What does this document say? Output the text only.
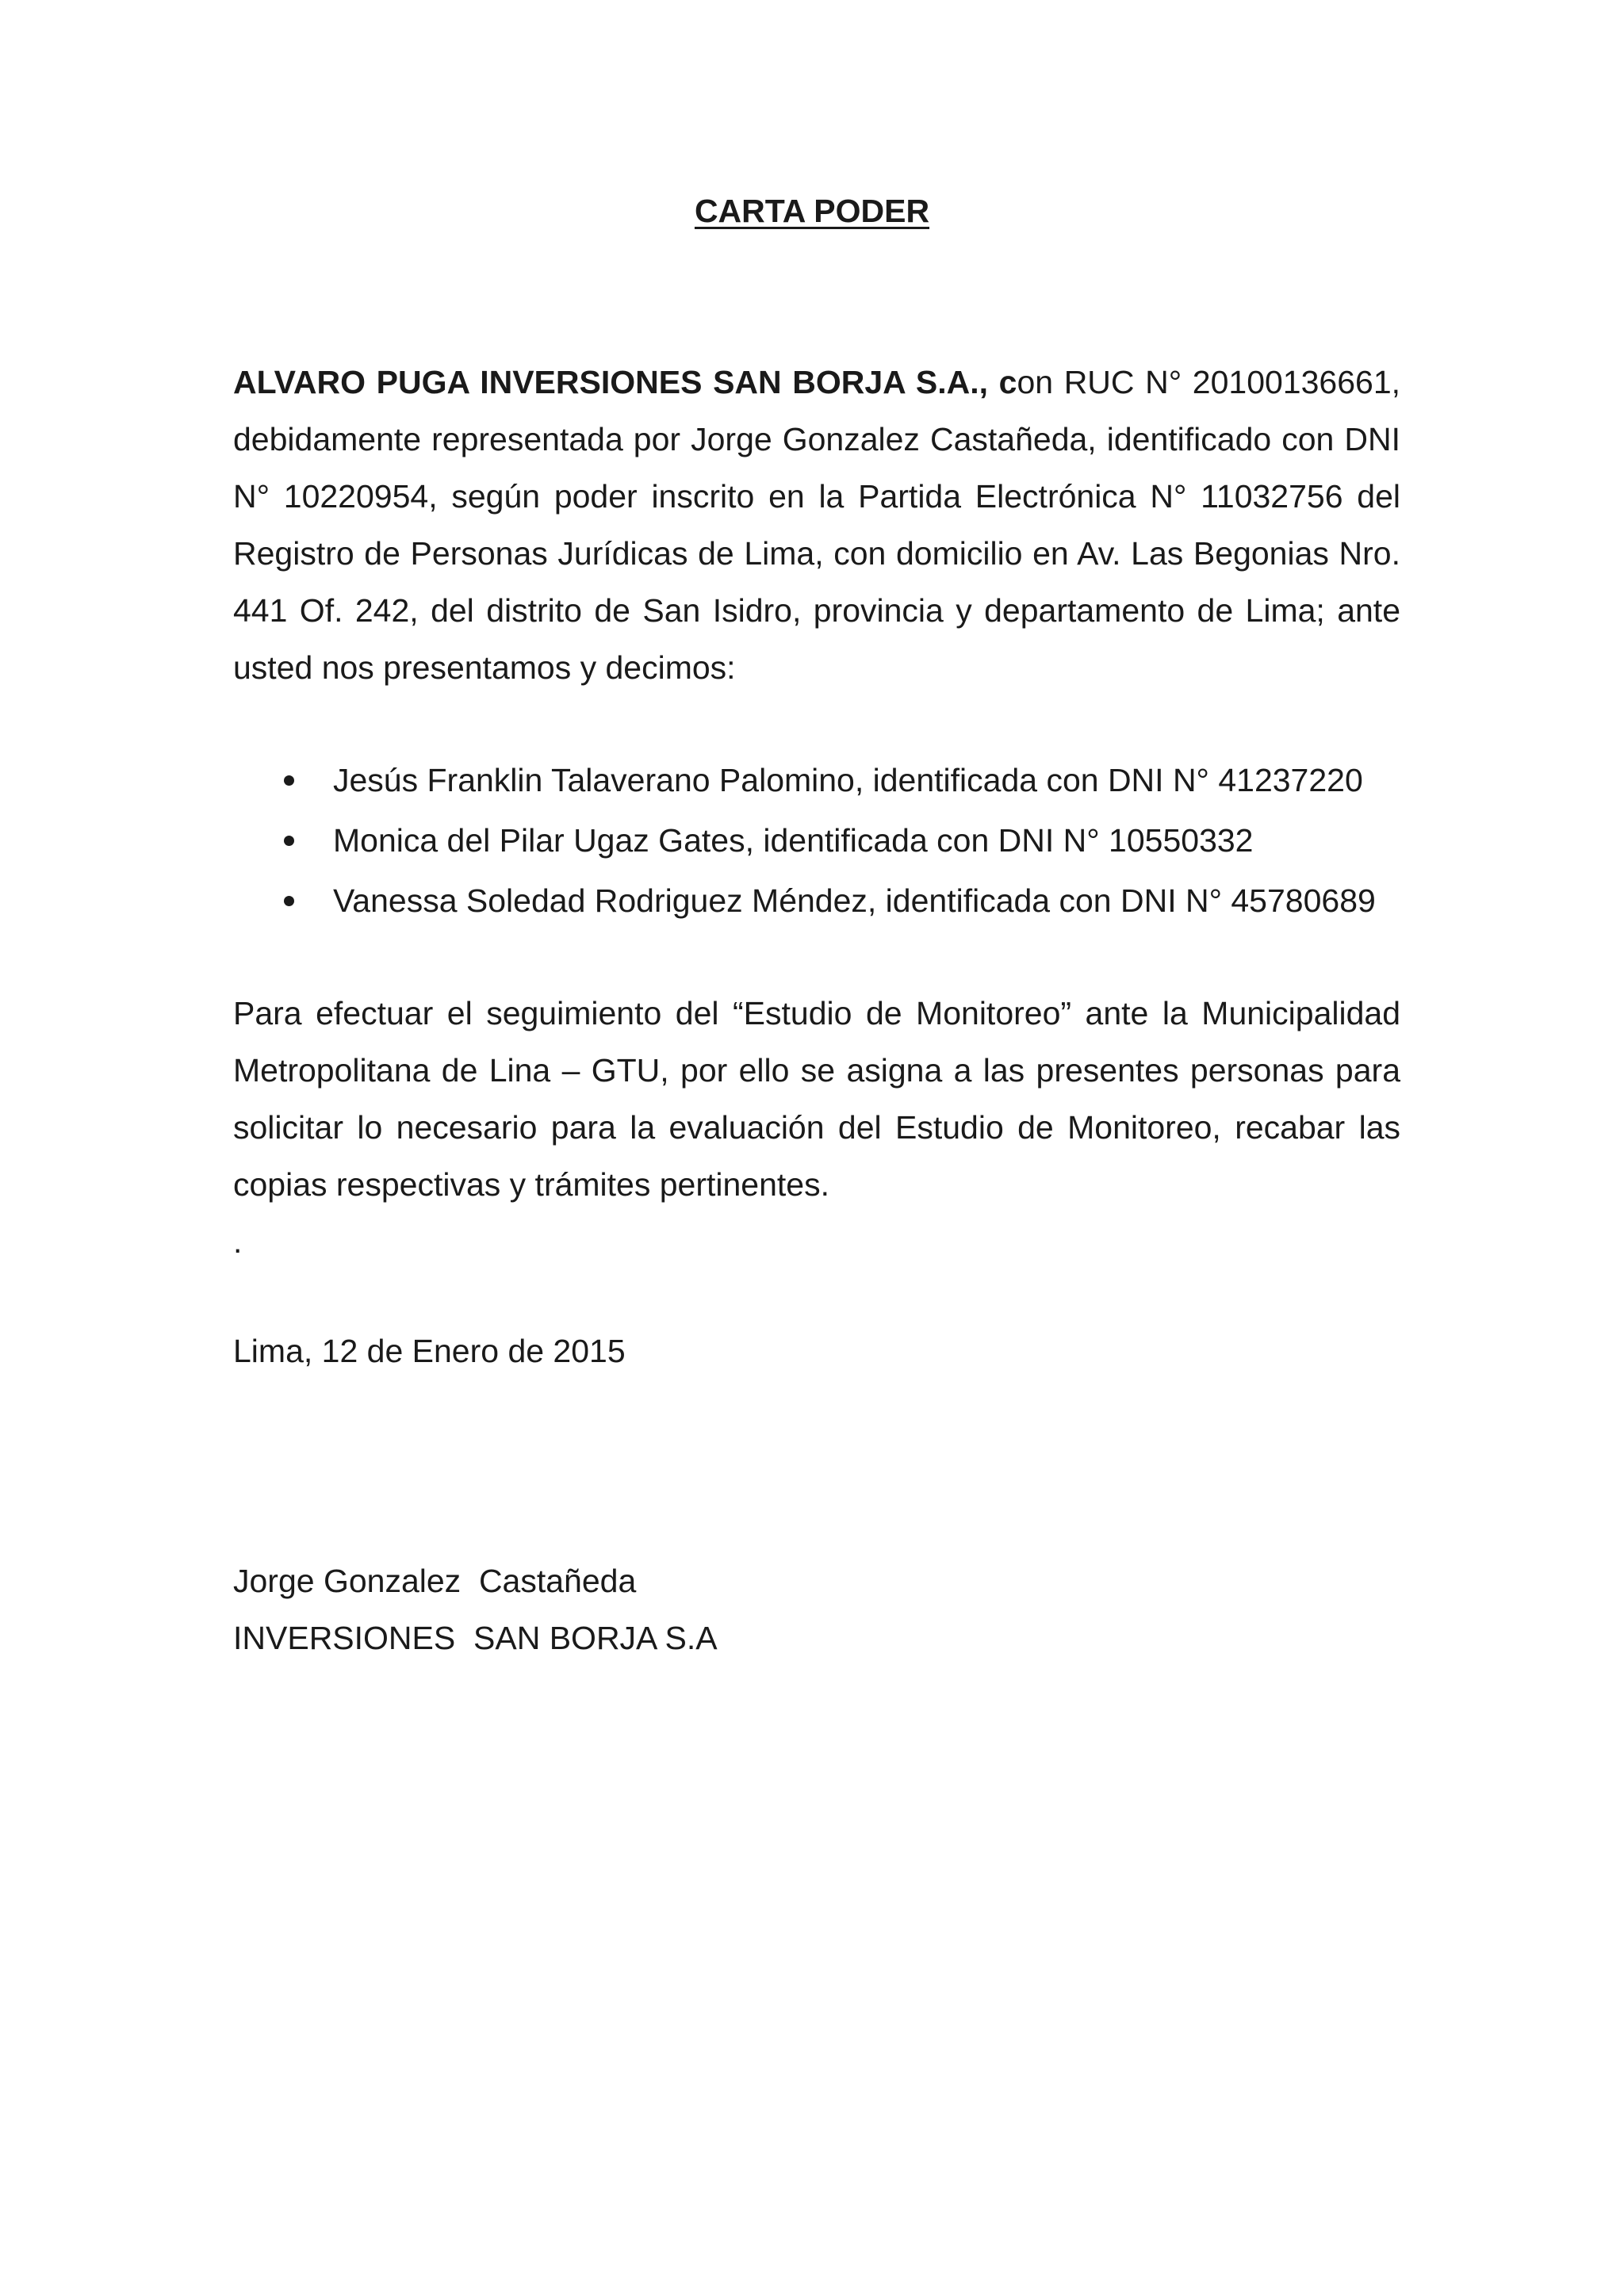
CARTA PODER

ALVARO PUGA INVERSIONES SAN BORJA S.A., con RUC N° 20100136661, debidamente representada por Jorge Gonzalez Castañeda, identificado con DNI N° 10220954, según poder inscrito en la Partida Electrónica N° 11032756 del Registro de Personas Jurídicas de Lima, con domicilio en Av. Las Begonias Nro. 441 Of. 242, del distrito de San Isidro, provincia y departamento de Lima; ante usted nos presentamos y decimos:

Jesús Franklin Talaverano Palomino, identificada con DNI N° 41237220
Monica del Pilar Ugaz Gates, identificada con DNI N° 10550332
Vanessa Soledad Rodriguez Méndez, identificada con DNI N° 45780689

Para efectuar el seguimiento del “Estudio de Monitoreo” ante la Municipalidad Metropolitana de Lina – GTU, por ello se asigna a las presentes personas para solicitar lo necesario para la evaluación del Estudio de Monitoreo, recabar las copias respectivas y trámites pertinentes.

.
Lima, 12 de Enero de 2015
Jorge Gonzalez  Castañeda
INVERSIONES  SAN BORJA S.A
